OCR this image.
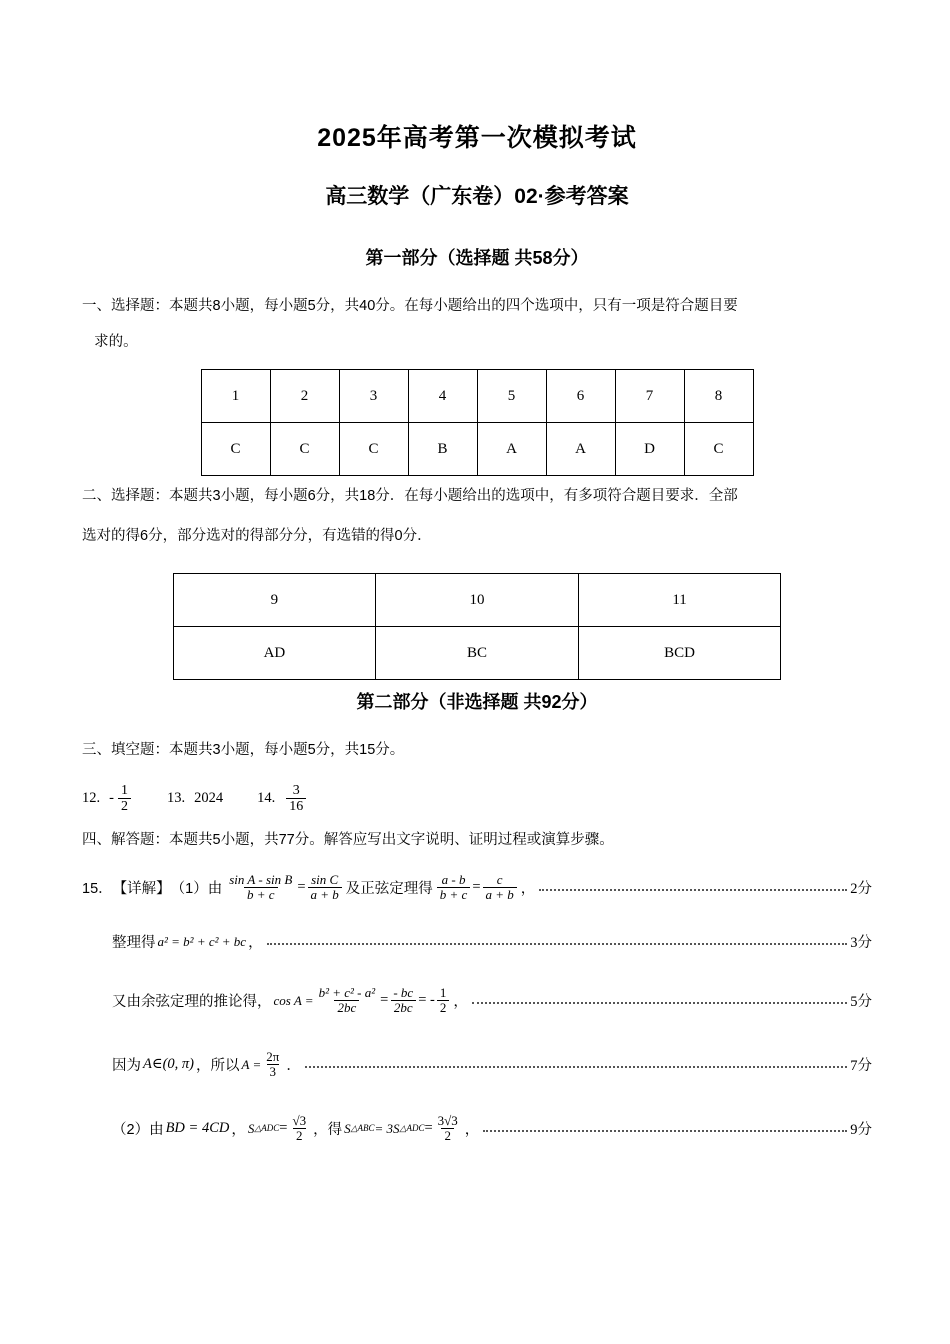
2025年高考第一次模拟考试
高三数学（广东卷）02·参考答案
第一部分（选择题 共58分）
一、选择题：本题共8小题，每小题5分，共40分。在每小题给出的四个选项中，只有一项是符合题目要
求的。
1	2	3	4	5	6	7	8
C	C	C	B	A	A	D	C
二、选择题：本题共3小题，每小题6分，共18分．在每小题给出的选项中，有多项符合题目要求．全部
选对的得6分，部分选对的得部分分，有选错的得0分．
9	10	11
AD	BC	BCD
第二部分（非选择题 共92分）
三、填空题：本题共3小题，每小题5分，共15分。
12. - $\frac{1}{2} 13$. 2024 14. $\frac{3}{16}$
四、解答题：本题共5小题，共77分。解答应写出文字说明、证明过程或演算步骤。
15． 【详解】 （1） 由 $\frac{\text{sin A - sin B}}{b + c} = \frac{\text{sin C}}{a + b}$ 及正弦定理得 $\frac{a - b}{b + c} = \frac{c}{a + b}$ ，	2分
整理得 a² = b² + c² + bc ，	3分
又由余弦定理的推论得， $\cos A = \frac{\text{b² + c² - a²}}{2bc} = \frac{- bc}{2bc}$ = - $\frac{1}{2}$ ，	5分
因为 A∈(0, π) ，所以 $A = \frac{2\pi}{3}$ ．	7分
（2） 由 BD = 4CD ， S △ADC = $\frac{√3}{2}$ ， 得 S △ABC = 3S △ADC = $\frac{3√3}{2}$ ，	9分
